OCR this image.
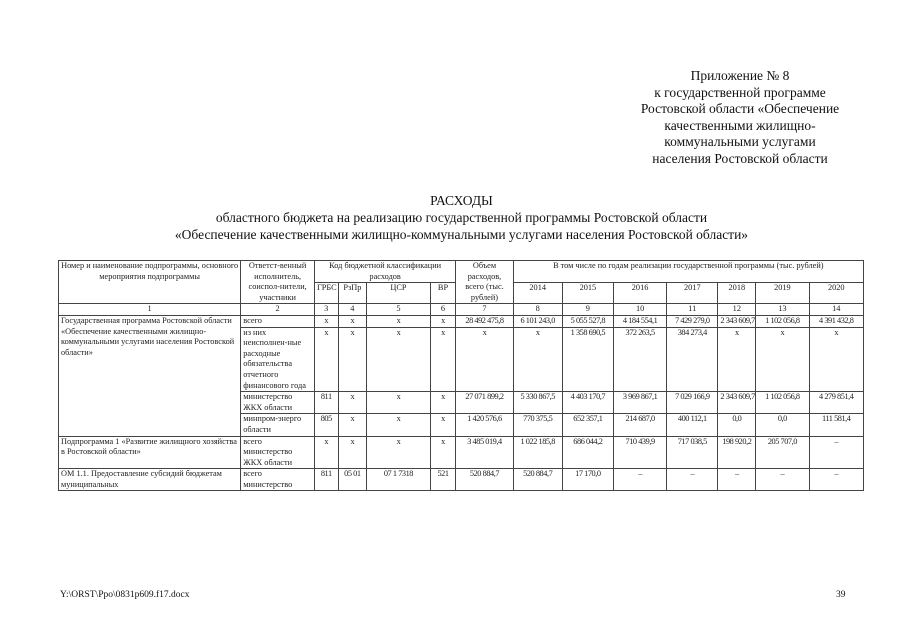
Приложение № 8
к государственной программе
Ростовской области «Обеспечение
качественными жилищно-
коммунальными услугами
населения Ростовской области
РАСХОДЫ
областного бюджета на реализацию государственной программы Ростовской области
«Обеспечение качественными жилищно-коммунальными услугами населения Ростовской области»
Номер и наименование подпрограммы, основного мероприятия подпрограммы	Ответст-венный исполнитель, соиспол-нители, участники	Код бюджетной классификации расходов				Объем расходов, всего (тыс. рублей)	В том числе по годам реализации государственной программы (тыс. рублей)						
		ГРБС	РзПр	ЦСР	ВР		2014	2015	2016	2017	2018	2019	2020
1	2	3	4	5	6	7	8	9	10	11	12	13	14
Государственная программа Ростовской области «Обеспечение качественными жилищно-коммунальными услугами населения Ростовской области»	всего	х	х	х	х	28 492 475,8	6 101 243,0	5 055 527,8	4 184 554,1	7 429 279,0	2 343 609,7	1 102 056,8	4 391 432,8
	из них неисполнен-ные расходные обязательства отчетного финансового года	х	х	х	х	х	х	1 358 690,5	372 263,5	384 273,4	х	х	х
	министерство ЖКХ области	811	х	х	х	27 071 899,2	5 330 867,5	4 403 170,7	3 969 867,1	7 029 166,9	2 343 609,7	1 102 056,8	4 279 851,4
	минпром-энерго области	805	х	х	х	1 420 576,6	770 375,5	652 357,1	214 687,0	400 112,1	0,0	0,0	111 581,4
Подпрограмма 1 «Развитие жилищного хозяйства в Ростовской области»	всего министерство ЖКХ области	х	х	х	х	3 485 019,4	1 022 185,8	686 044,2	710 439,9	717 038,5	198 920,2	205 707,0	–
ОМ 1.1. Предоставление субсидий бюджетам муниципальных	всего министерство	811	05 01	07 1 7318	521	520 884,7	520 884,7	17 170,0	–	–	–	–	–
Y:\ORST\Ppo\0831p609.f17.docx	39
